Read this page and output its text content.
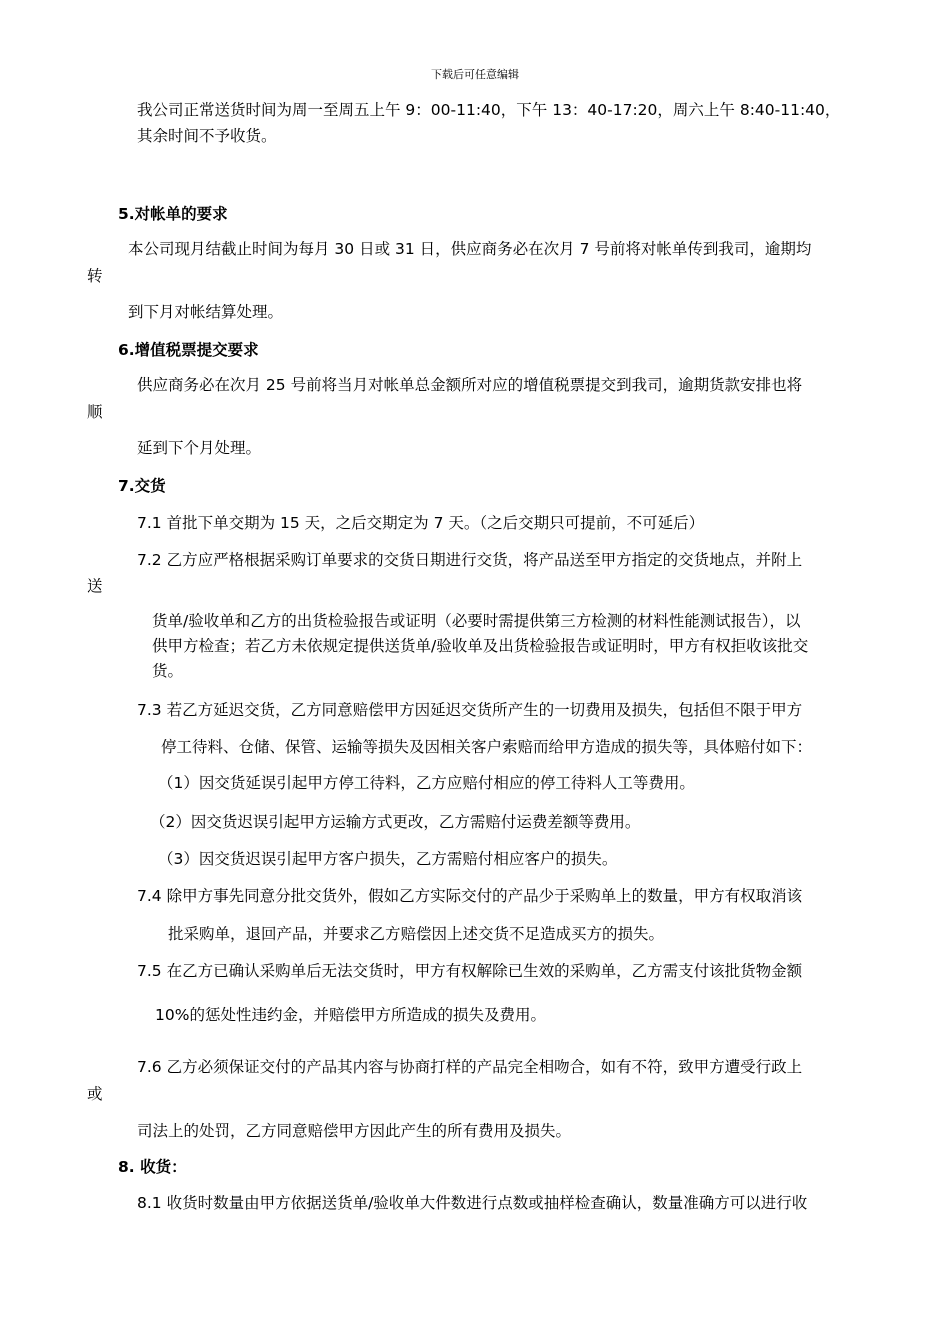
下载后可任意编辑
我公司正常送货时间为周一至周五上午 9：00-11:40，下午 13：40-17:20，周六上午 8:40-11:40，
其余时间不予收货。
5.对帐单的要求
本公司现月结截止时间为每月 30 日或 31 日，供应商务必在次月 7 号前将对帐单传到我司，逾期均
转
到下月对帐结算处理。
6.增值税票提交要求
供应商务必在次月 25 号前将当月对帐单总金额所对应的增值税票提交到我司，逾期货款安排也将
顺
延到下个月处理。
7.交货
7.1 首批下单交期为 15 天，之后交期定为 7 天。（之后交期只可提前，不可延后）
7.2 乙方应严格根据采购订单要求的交货日期进行交货，将产品送至甲方指定的交货地点，并附上
送
货单/验收单和乙方的出货检验报告或证明（必要时需提供第三方检测的材料性能测试报告），以
供甲方检查；若乙方未依规定提供送货单/验收单及出货检验报告或证明时，甲方有权拒收该批交
货。
7.3 若乙方延迟交货，乙方同意赔偿甲方因延迟交货所产生的一切费用及损失，包括但不限于甲方
停工待料、仓储、保管、运输等损失及因相关客户索赔而给甲方造成的损失等，具体赔付如下：
（1）因交货延误引起甲方停工待料，乙方应赔付相应的停工待料人工等费用。
（2）因交货迟误引起甲方运输方式更改，乙方需赔付运费差额等费用。
（3）因交货迟误引起甲方客户损失，乙方需赔付相应客户的损失。
7.4 除甲方事先同意分批交货外，假如乙方实际交付的产品少于采购单上的数量，甲方有权取消该
批采购单，退回产品，并要求乙方赔偿因上述交货不足造成买方的损失。
7.5 在乙方已确认采购单后无法交货时，甲方有权解除已生效的采购单，乙方需支付该批货物金额
10%的惩处性违约金，并赔偿甲方所造成的损失及费用。
7.6 乙方必须保证交付的产品其内容与协商打样的产品完全相吻合，如有不符，致甲方遭受行政上
或
司法上的处罚，乙方同意赔偿甲方因此产生的所有费用及损失。
8. 收货：
8.1 收货时数量由甲方依据送货单/验收单大件数进行点数或抽样检查确认，数量准确方可以进行收
